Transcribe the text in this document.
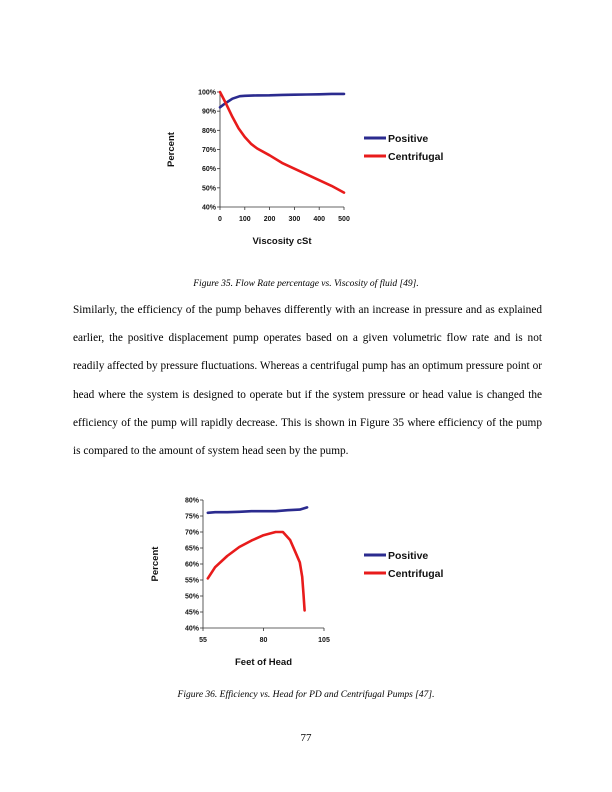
40%
50%
60%
70%
80%
90%
100%
0 100 200 300 400 500
Viscosity cSt
Percent	Positive
Centrifugal
Figure 35. Flow Rate percentage vs. Viscosity of fluid [49].

Similarly, the efficiency of the pump behaves differently with an increase in pressure and as explained earlier, the positive displacement pump operates based on a given volumetric flow rate and is not readily affected by pressure fluctuations. Whereas a centrifugal pump has an optimum pressure point or head where the system is designed to operate but if the system pressure or head value is changed the efficiency of the pump will rapidly decrease. This is shown in Figure 35 where efficiency of the pump is compared to the amount of system head seen by the pump.

40%
45%
50%
55%
60%
65%
70%
75%
80%
55	80	105
Feet of Head
Percent	Positive
Centrifugal
Figure 36. Efficiency vs. Head for PD and Centrifugal Pumps [47].
77
